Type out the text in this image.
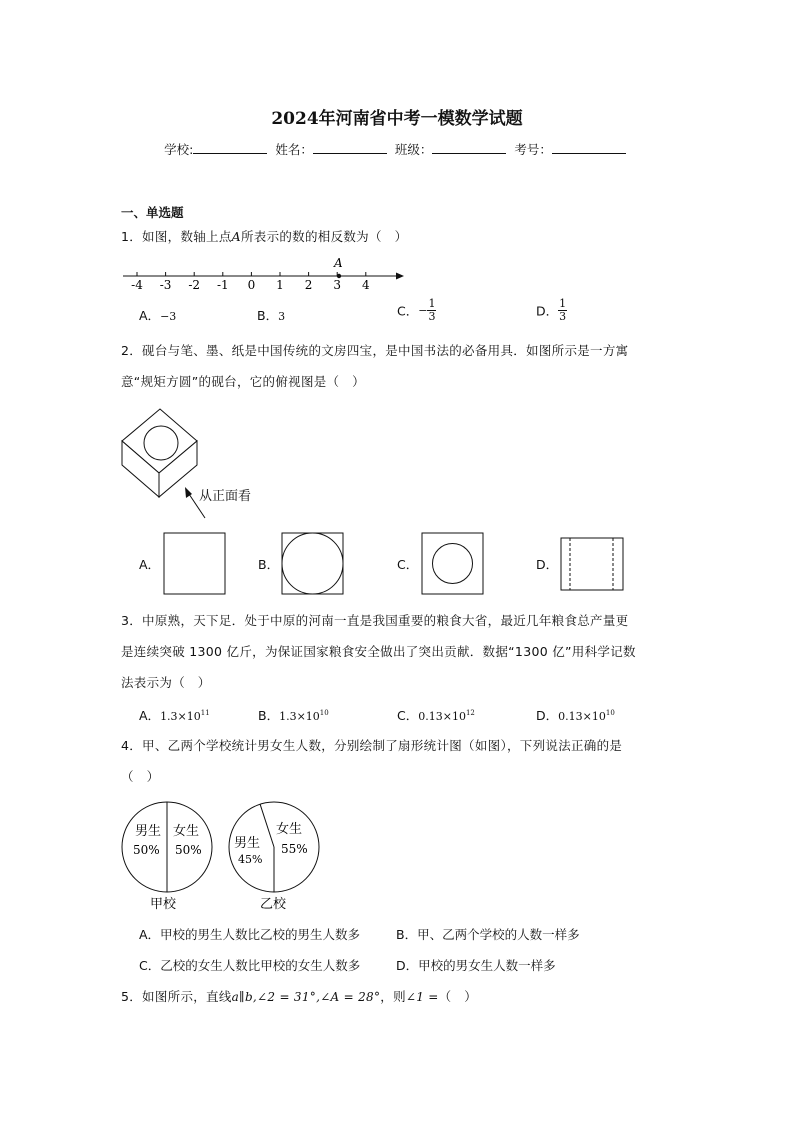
2024年河南省中考一模数学试题
学校:	姓名：	班级：	考号：
一、单选题
1．如图，数轴上点A所表示的数的相反数为（　）
-4 -3 -2 -1 0 1 2 3 4
A
A．−3	B．3	C．− $\frac{1}{3}$	D． $\frac{1}{3}$
2．砚台与笔、墨、纸是中国传统的文房四宝，是中国书法的必备用具．如图所示是一方寓
意“规矩方圆”的砚台，它的俯视图是（　）
从正面看
A．	B．	C．	D．
3．中原熟，天下足．处于中原的河南一直是我国重要的粮食大省，最近几年粮食总产量更
是连续突破 1300 亿斤，为保证国家粮食安全做出了突出贡献．数据“1300 亿”用科学记数
法表示为（　）
A．$1.3\times 10^{11}$	B．$1.3\times 10^{10}$	C．$0.13\times 10^{12}$	D．$0.13\times 10^{10}$
4．甲、乙两个学校统计男女生人数，分别绘制了扇形统计图（如图），下列说法正确的是
（　）
男生
50%
女生
50%
甲校
男生
45%
女生
55%
乙校
A．甲校的男生人数比乙校的男生人数多	B．甲、乙两个学校的人数一样多
C．乙校的女生人数比甲校的女生人数多	D．甲校的男女生人数一样多
5．如图所示，直线a∥b,∠2 = 31°,∠A = 28°，则∠1 =（　）
